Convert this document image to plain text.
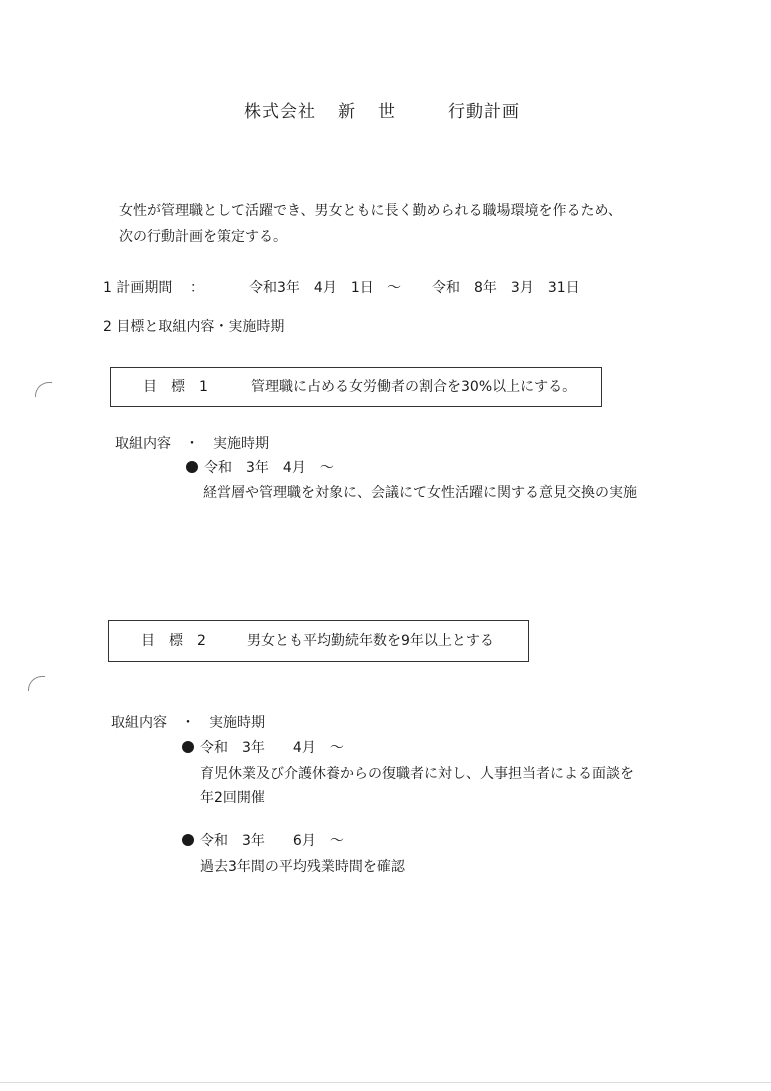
株式会社 新 世	行動計画
女性が管理職として活躍でき、男女ともに長く勤められる職場環境を作るため、
次の行動計画を策定する。
1 計画期間 ：	令和3年　4月　1日 ～ 令和　8年　3月　31日
2 目標と取組内容・実施時期
目　標　1	管理職に占める女労働者の割合を30%以上にする。
取組内容　・　実施時期
令和　3年　4月　～
経営層や管理職を対象に、会議にて女性活躍に関する意見交換の実施
目　標　2	男女とも平均勤続年数を9年以上とする
取組内容　・　実施時期
令和　3年　　4月　～
育児休業及び介護休養からの復職者に対し、人事担当者による面談を
年2回開催
令和　3年　　6月　～
過去3年間の平均残業時間を確認
